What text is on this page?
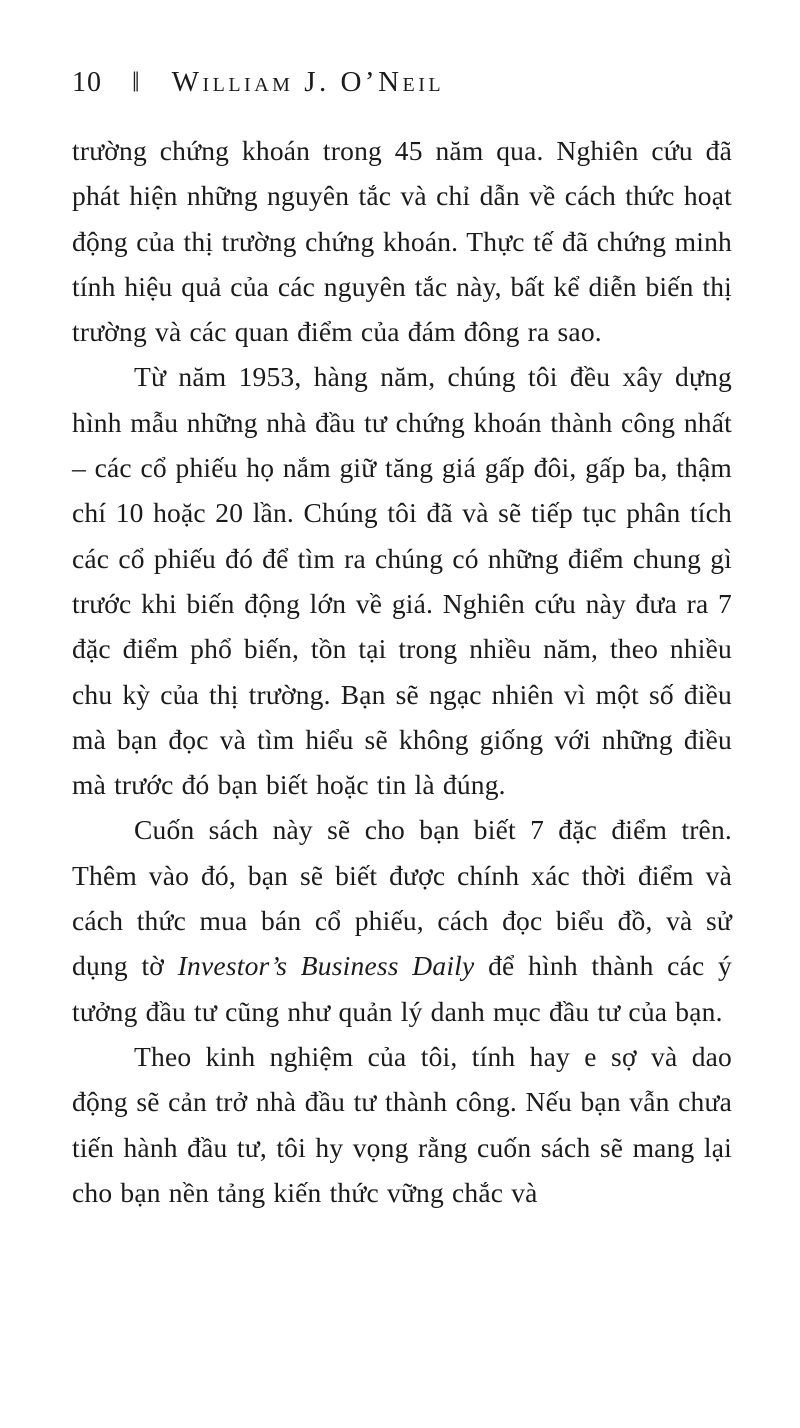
10 ‖ William J. O’Neil

trường chứng khoán trong 45 năm qua. Nghiên cứu đã phát hiện những nguyên tắc và chỉ dẫn về cách thức hoạt động của thị trường chứng khoán. Thực tế đã chứng minh tính hiệu quả của các nguyên tắc này, bất kể diễn biến thị trường và các quan điểm của đám đông ra sao.

Từ năm 1953, hàng năm, chúng tôi đều xây dựng hình mẫu những nhà đầu tư chứng khoán thành công nhất – các cổ phiếu họ nắm giữ tăng giá gấp đôi, gấp ba, thậm chí 10 hoặc 20 lần. Chúng tôi đã và sẽ tiếp tục phân tích các cổ phiếu đó để tìm ra chúng có những điểm chung gì trước khi biến động lớn về giá. Nghiên cứu này đưa ra 7 đặc điểm phổ biến, tồn tại trong nhiều năm, theo nhiều chu kỳ của thị trường. Bạn sẽ ngạc nhiên vì một số điều mà bạn đọc và tìm hiểu sẽ không giống với những điều mà trước đó bạn biết hoặc tin là đúng.

Cuốn sách này sẽ cho bạn biết 7 đặc điểm trên. Thêm vào đó, bạn sẽ biết được chính xác thời điểm và cách thức mua bán cổ phiếu, cách đọc biểu đồ, và sử dụng tờ Investor’s Business Daily để hình thành các ý tưởng đầu tư cũng như quản lý danh mục đầu tư của bạn.

Theo kinh nghiệm của tôi, tính hay e sợ và dao động sẽ cản trở nhà đầu tư thành công. Nếu bạn vẫn chưa tiến hành đầu tư, tôi hy vọng rằng cuốn sách sẽ mang lại cho bạn nền tảng kiến thức vững chắc và
